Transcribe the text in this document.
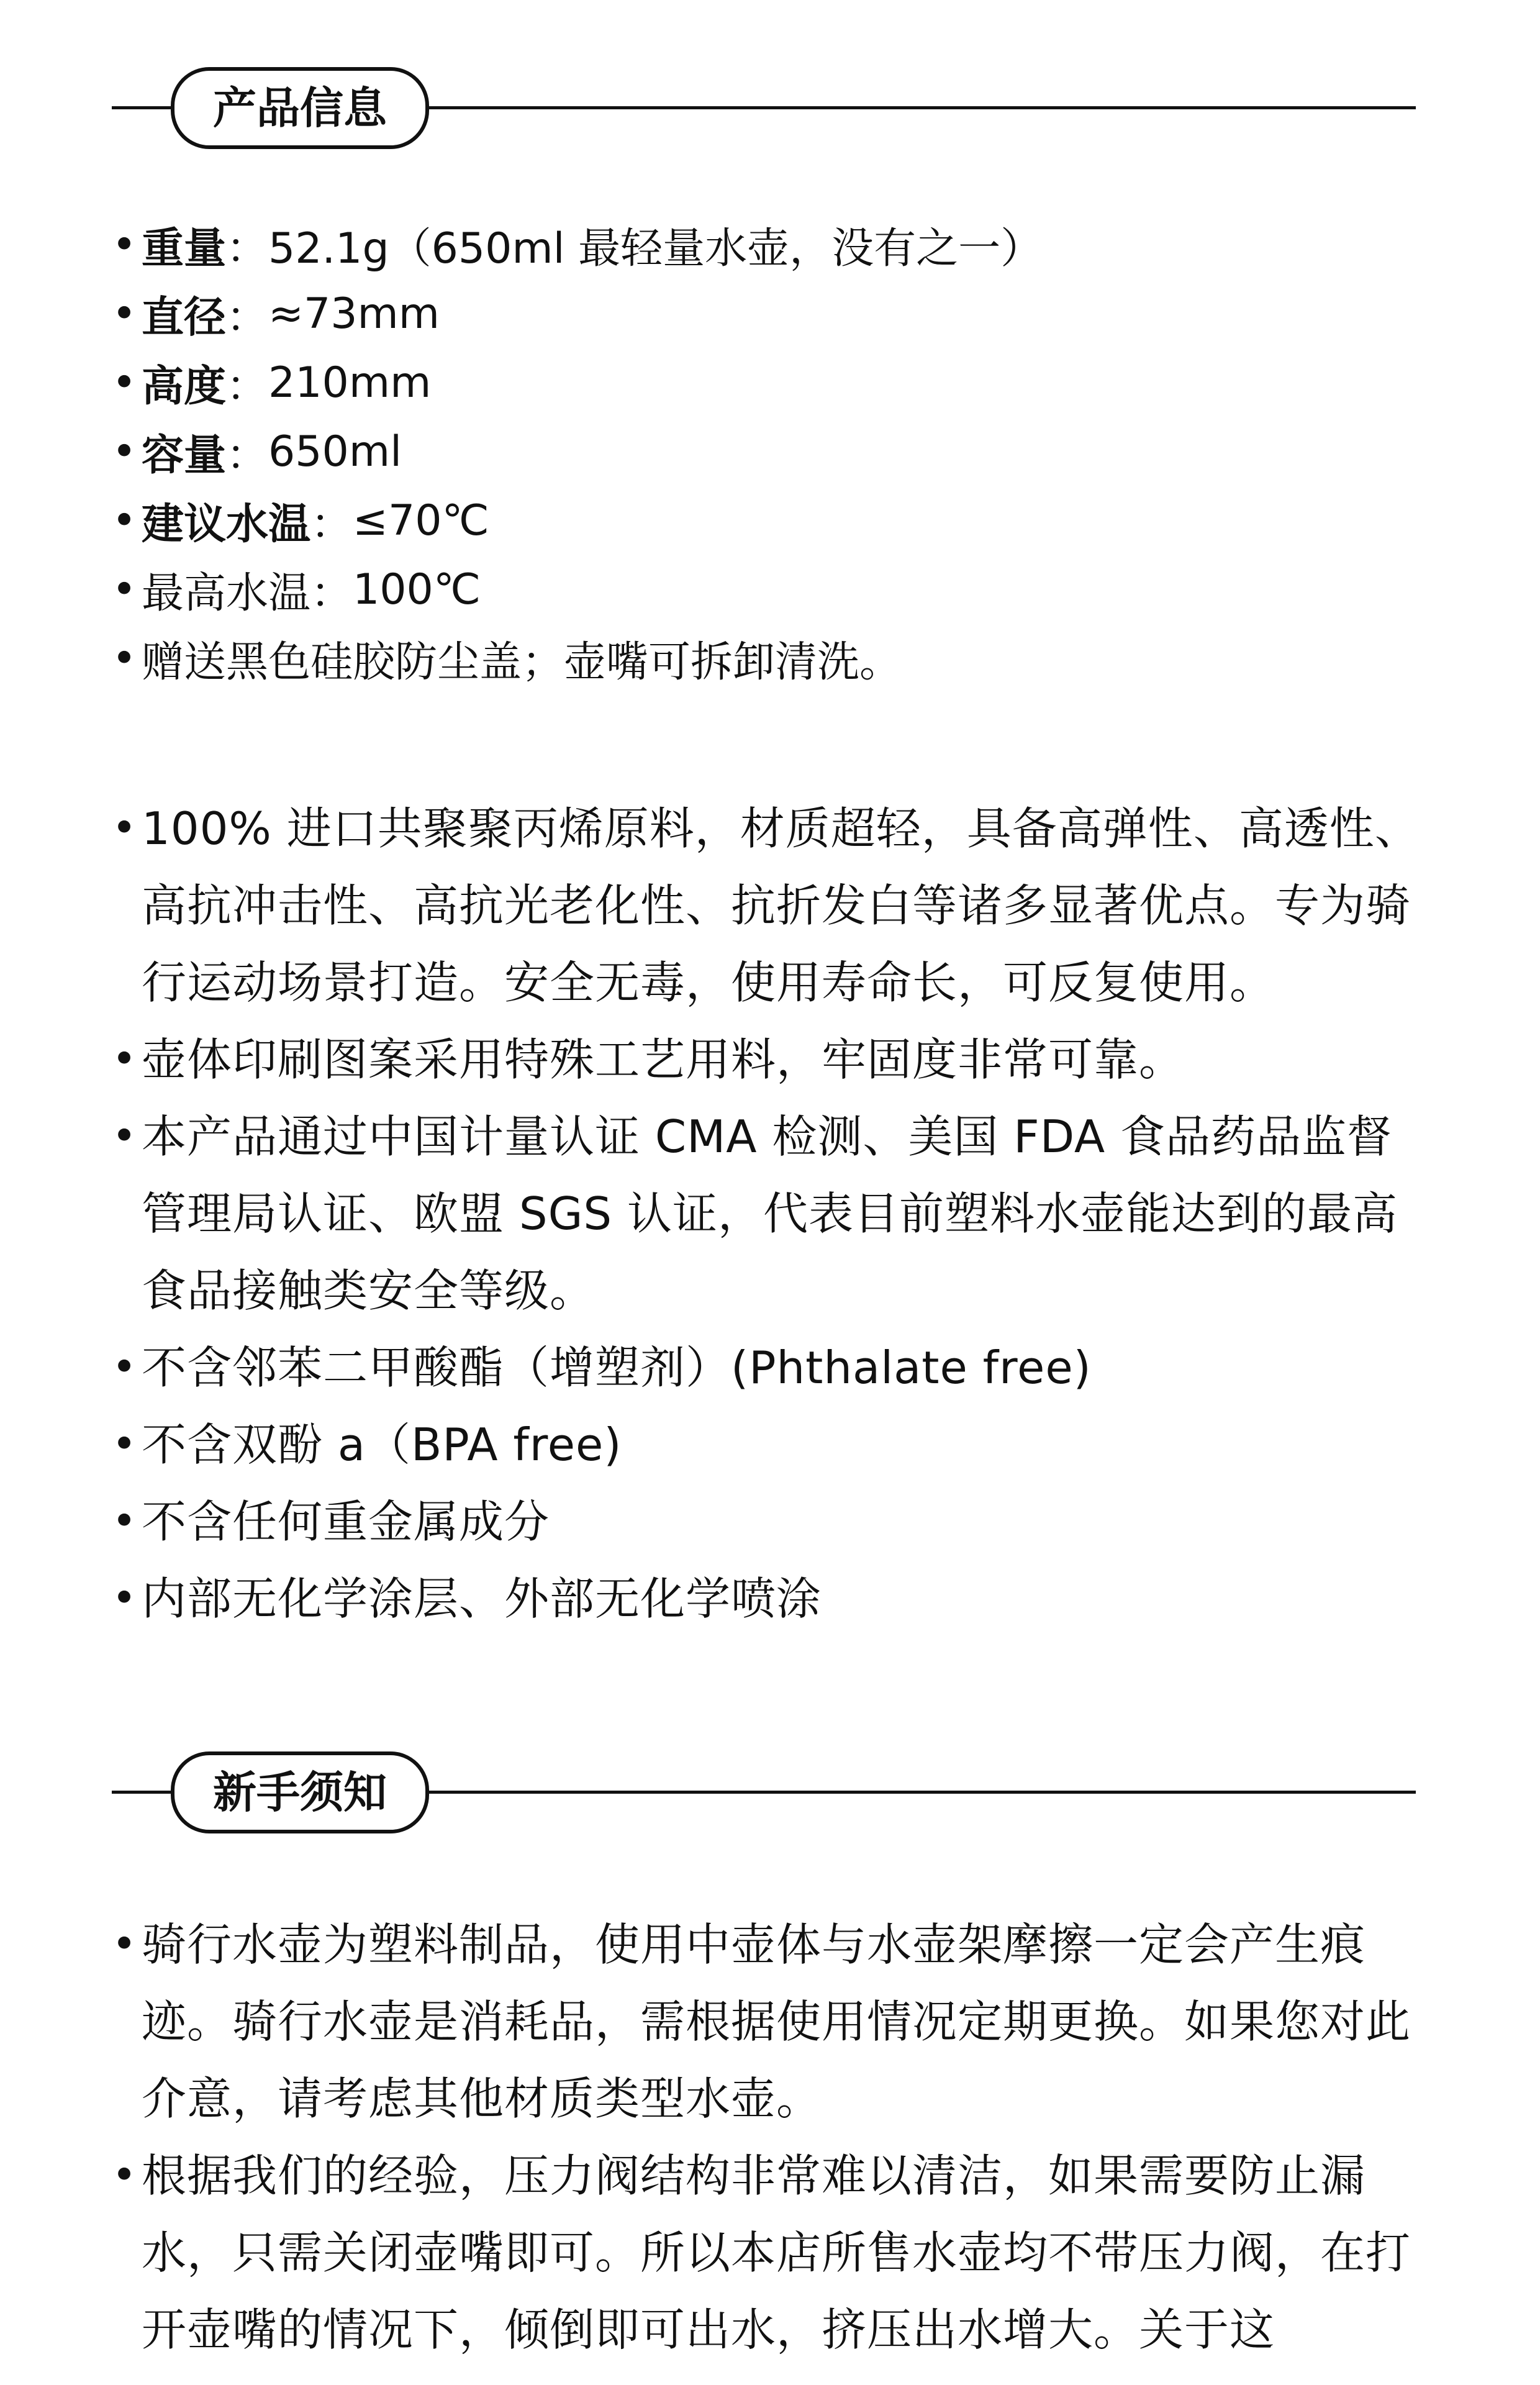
产品信息
• 重量 ： 52.1g（650ml 最轻量水壶，没有之一）
• 直径 ： ≈73mm
• 高度 ： 210mm
• 容量 ： 650ml
• 建议水温 ： ≤70℃
• 最高水温 ： 100℃
• 赠送黑色硅胶防尘盖；壶嘴可拆卸清洗。
• 100% 进口共聚聚丙烯原料，材质超轻，具备高弹性、高透性、高抗冲击性、高抗光老化性、抗折发白等诸多显著优点。专为骑行运动场景打造。安全无毒，使用寿命长，可反复使用。
• 壶体印刷图案采用特殊工艺用料，牢固度非常可靠。
• 本产品通过中国计量认证 CMA 检测、美国 FDA 食品药品监督管理局认证、欧盟 SGS 认证，代表目前塑料水壶能达到的最高食品接触类安全等级。
• 不含邻苯二甲酸酯（增塑剂）(Phthalate free)
• 不含双酚 a（BPA free)
• 不含任何重金属成分
• 内部无化学涂层、外部无化学喷涂
新手须知
• 骑行水壶为塑料制品，使用中壶体与水壶架摩擦一定会产生痕迹。骑行水壶是消耗品，需根据使用情况定期更换。如果您对此介意，请考虑其他材质类型水壶。
• 根据我们的经验，压力阀结构非常难以清洁，如果需要防止漏水，只需关闭壶嘴即可。所以本店所售水壶均不带压力阀，在打开壶嘴的情况下，倾倒即可出水，挤压出水增大。关于这
